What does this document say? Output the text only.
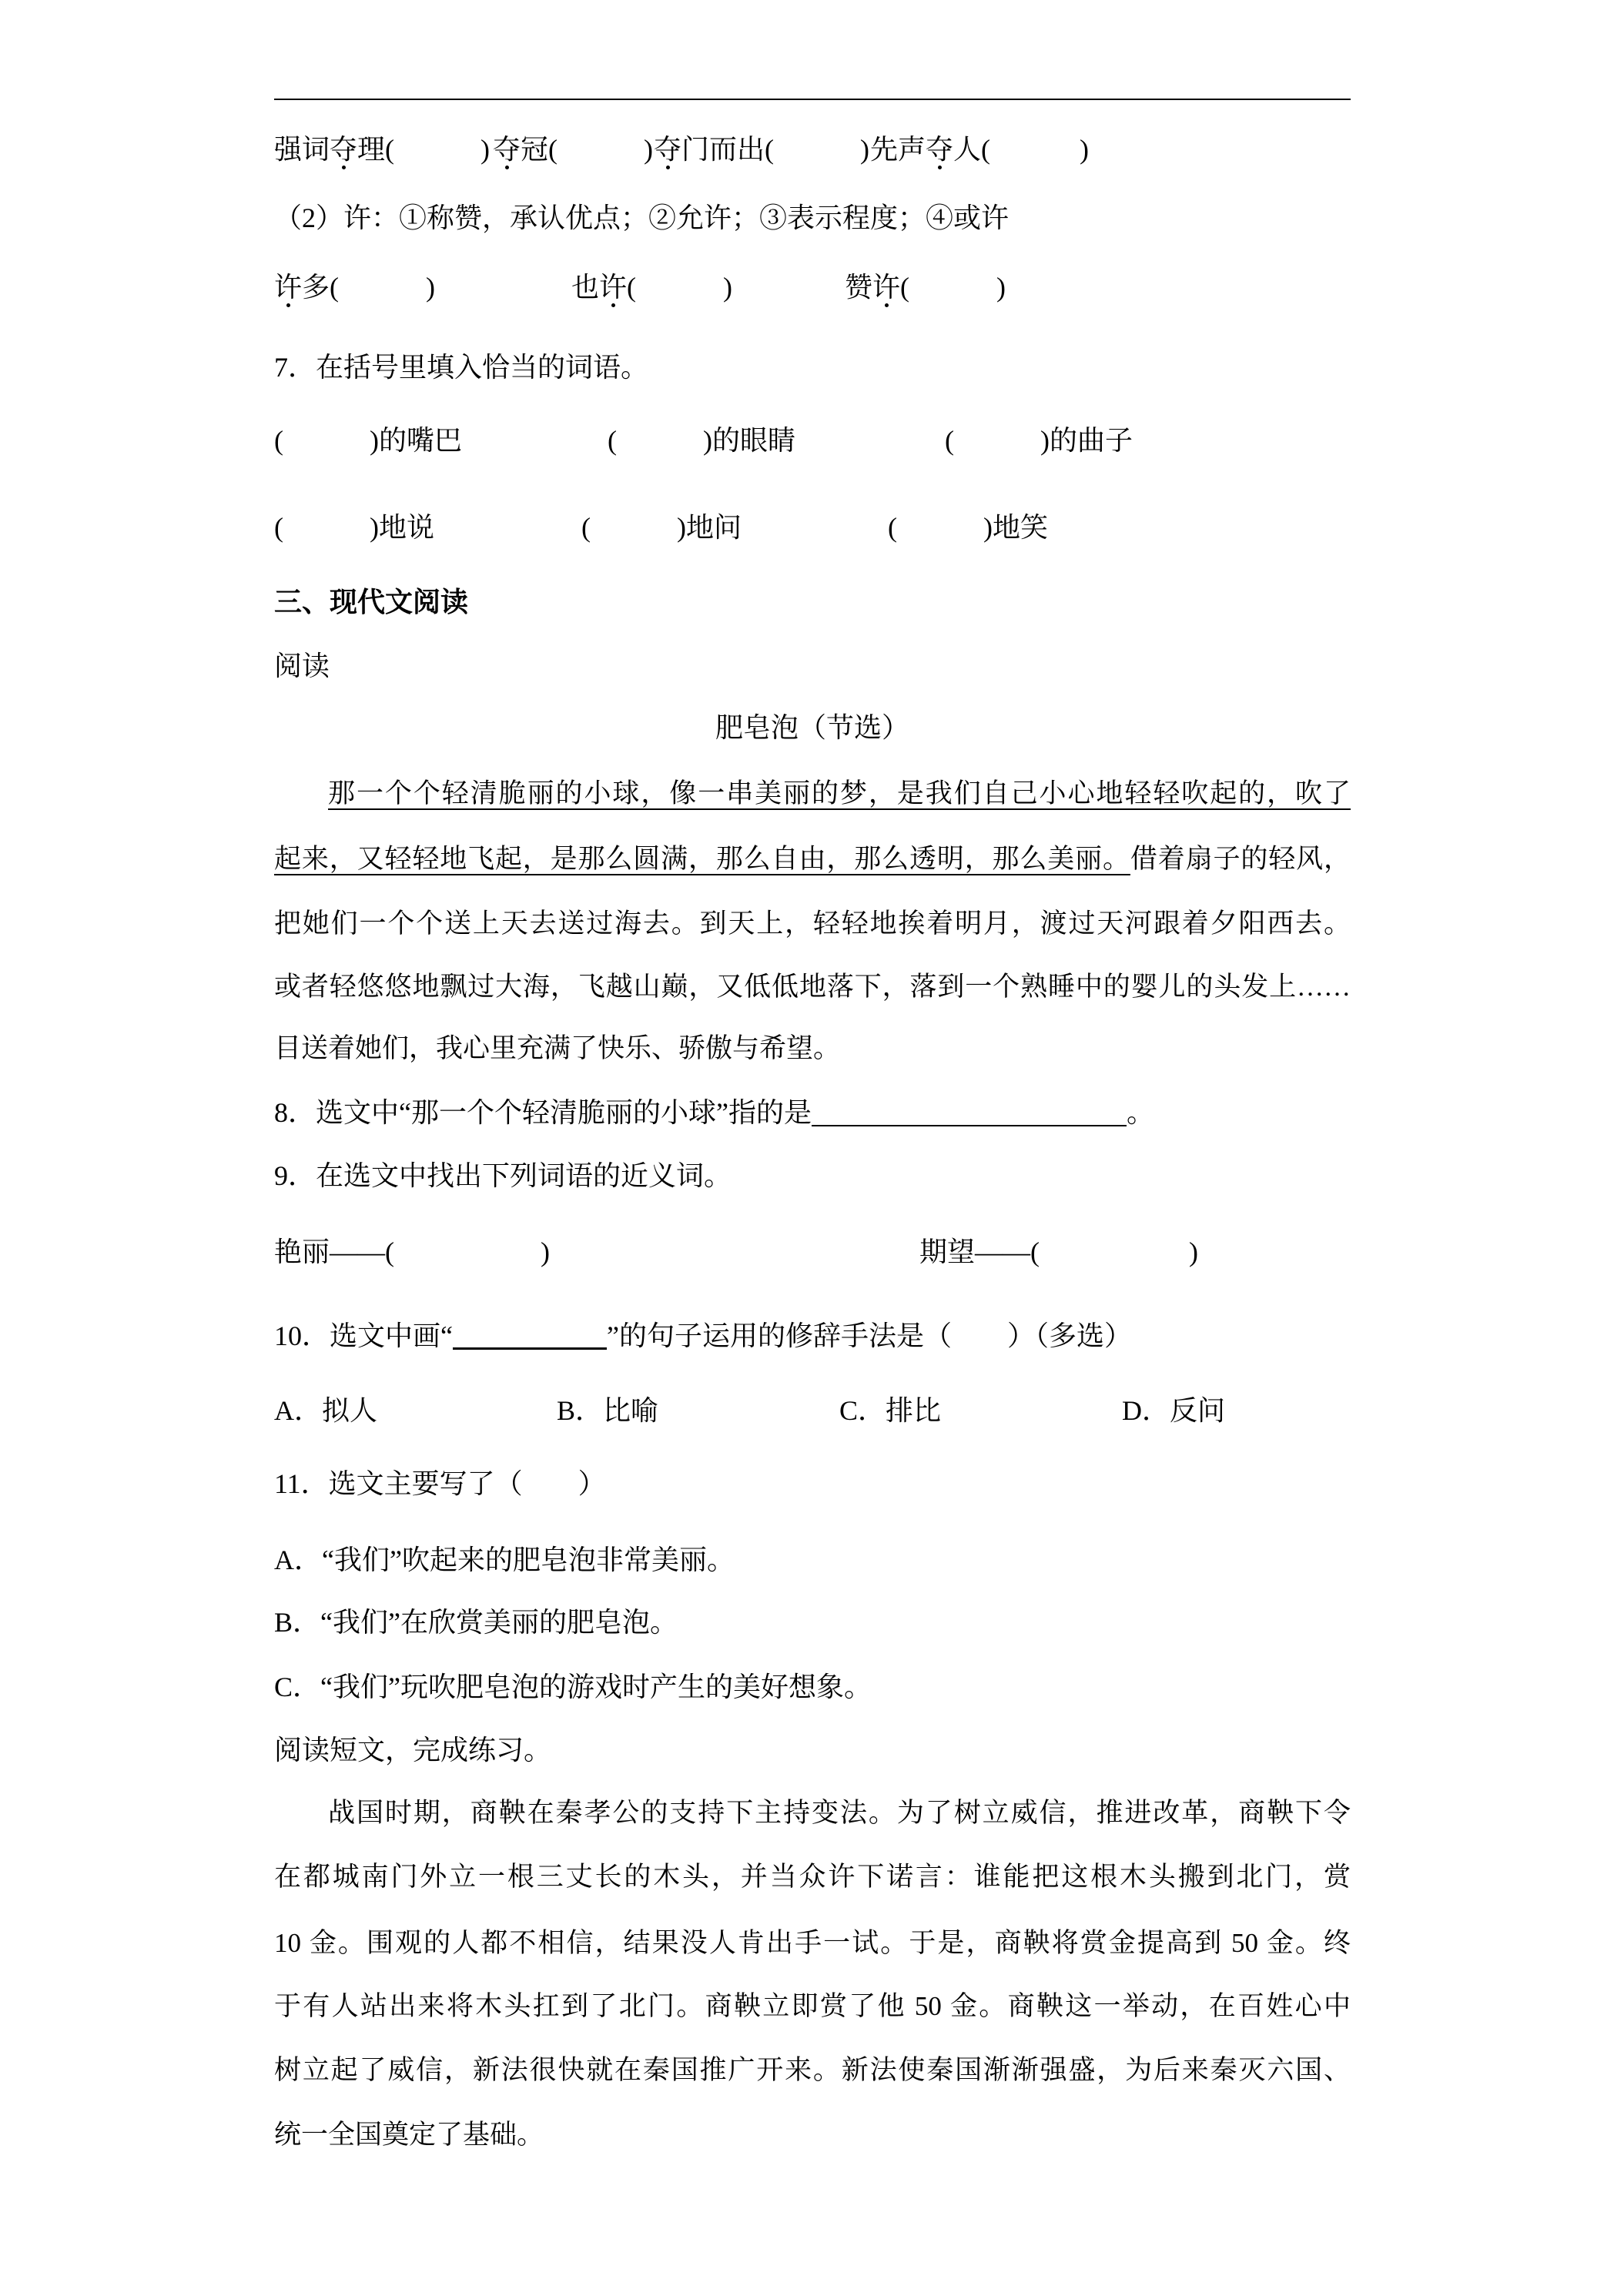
强词夺理(	) 夺冠(	) 夺门而出(	) 先声夺人(	)
（2）许：①称赞，承认优点；②允许；③表示程度；④或许
许多(	)	也许(	)	赞许(	)
7．在括号里填入恰当的词语。
(	)的嘴巴	(	)的眼睛	(	)的曲子
(	)地说	(	)地问	(	)地笑
三、现代文阅读
阅读
肥皂泡（节选）
那一个个轻清脆丽的小球，像一串美丽的梦，是我们自己小心地轻轻吹起的，吹了
起来，又轻轻地飞起，是那么圆满，那么自由，那么透明，那么美丽。借着扇子的轻风，
把她们一个个送上天去送过海去。到天上，轻轻地挨着明月，渡过天河跟着夕阳西去。
或者轻悠悠地飘过大海，飞越山巅，又低低地落下，落到一个熟睡中的婴儿的头发上……
目送着她们，我心里充满了快乐、骄傲与希望。
8．选文中“那一个个轻清脆丽的小球”指的是	。
9．在选文中找出下列词语的近义词。
艳丽——(	)	期望——(	)
10．选文中画“	”的句子运用的修辞手法是（　　）（多选）
A．拟人	B．比喻	C．排比	D．反问
11．选文主要写了（　　）
A．“我们”吹起来的肥皂泡非常美丽。
B．“我们”在欣赏美丽的肥皂泡。
C．“我们”玩吹肥皂泡的游戏时产生的美好想象。
阅读短文，完成练习。
战国时期，商鞅在秦孝公的支持下主持变法。为了树立威信，推进改革，商鞅下令
在都城南门外立一根三丈长的木头，并当众许下诺言：谁能把这根木头搬到北门，赏
10 金。围观的人都不相信，结果没人肯出手一试。于是，商鞅将赏金提高到 50 金。终
于有人站出来将木头扛到了北门。商鞅立即赏了他 50 金。商鞅这一举动，在百姓心中
树立起了威信，新法很快就在秦国推广开来。新法使秦国渐渐强盛，为后来秦灭六国、
统一全国奠定了基础。
